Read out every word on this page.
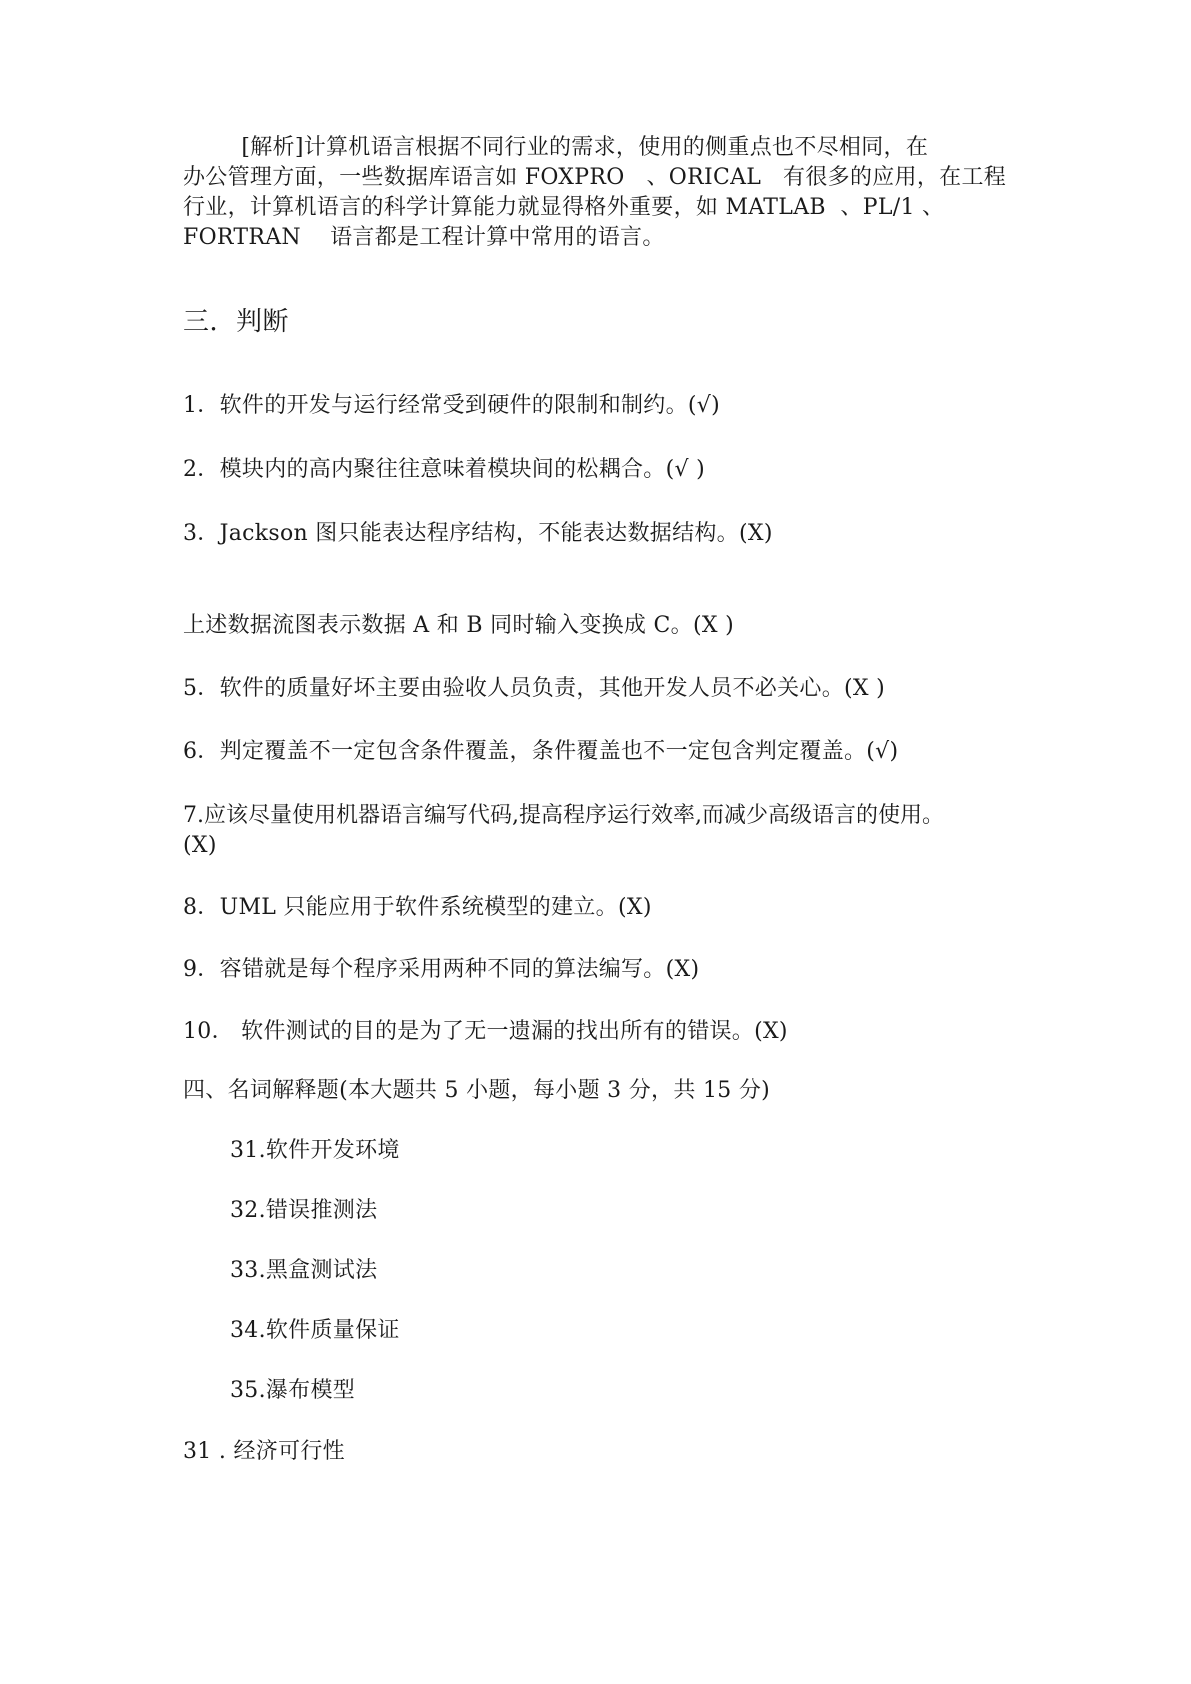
[解析]计算机语言根据不同行业的需求，使用的侧重点也不尽相同，在
办公管理方面，一些数据库语言如 FOXPRO   、ORICAL   有很多的应用，在工程
行业，计算机语言的科学计算能力就显得格外重要，如 MATLAB  、PL/1 、
FORTRAN    语言都是工程计算中常用的语言。
三．判断
1．软件的开发与运行经常受到硬件的限制和制约。(√)
2．模块内的高内聚往往意味着模块间的松耦合。(√ )
3．Jackson 图只能表达程序结构，不能表达数据结构。(X)
上述数据流图表示数据 A 和 B 同时输入变换成 C。(X )
5．软件的质量好坏主要由验收人员负责，其他开发人员不必关心。(X )
6．判定覆盖不一定包含条件覆盖，条件覆盖也不一定包含判定覆盖。(√)
7.应该尽量使用机器语言编写代码,提高程序运行效率,而减少高级语言的使用。
(X)
8．UML 只能应用于软件系统模型的建立。(X)
9．容错就是每个程序采用两种不同的算法编写。(X)
10． 软件测试的目的是为了无一遗漏的找出所有的错误。(X)
四、名词解释题(本大题共 5 小题，每小题 3 分，共 15 分)
31.软件开发环境
32.错误推测法
33.黑盒测试法
34.软件质量保证
35.瀑布模型
31 . 经济可行性
